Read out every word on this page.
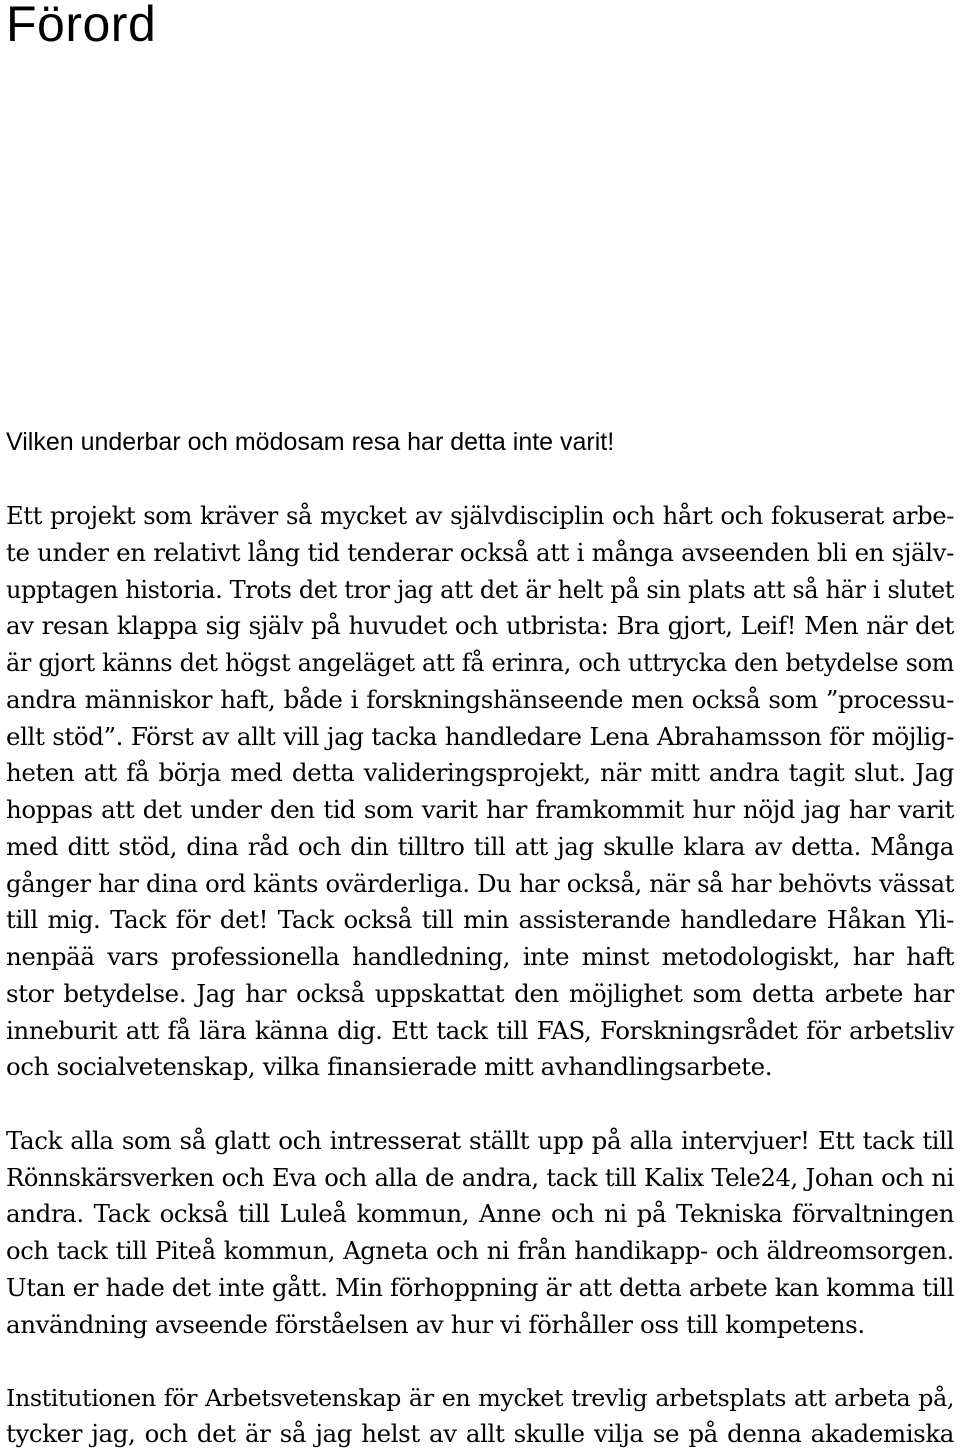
Förord

Vilken underbar och mödosam resa har detta inte varit!

Ett projekt som kräver så mycket av självdisciplin och hårt och fokuserat arbe-

te under en relativt lång tid tenderar också att i många avseenden bli en själv-

upptagen historia. Trots det tror jag att det är helt på sin plats att så här i slutet

av resan klappa sig själv på huvudet och utbrista: Bra gjort, Leif! Men när det

är gjort känns det högst angeläget att få erinra, och uttrycka den betydelse som

andra människor haft, både i forskningshänseende men också som ”processu-

ellt stöd”. Först av allt vill jag tacka handledare Lena Abrahamsson för möjlig-

heten att få börja med detta valideringsprojekt, när mitt andra tagit slut. Jag

hoppas att det under den tid som varit har framkommit hur nöjd jag har varit

med ditt stöd, dina råd och din tilltro till att jag skulle klara av detta. Många

gånger har dina ord känts ovärderliga. Du har också, när så har behövts vässat

till mig. Tack för det! Tack också till min assisterande handledare Håkan Yli-

nenpää vars professionella handledning, inte minst metodologiskt, har haft

stor betydelse. Jag har också uppskattat den möjlighet som detta arbete har

inneburit att få lära känna dig. Ett tack till FAS, Forskningsrådet för arbetsliv

och socialvetenskap, vilka finansierade mitt avhandlingsarbete.

Tack alla som så glatt och intresserat ställt upp på alla intervjuer! Ett tack till

Rönnskärsverken och Eva och alla de andra, tack till Kalix Tele24, Johan och ni

andra. Tack också till Luleå kommun, Anne och ni på Tekniska förvaltningen

och tack till Piteå kommun, Agneta och ni från handikapp- och äldreomsorgen.

Utan er hade det inte gått. Min förhoppning är att detta arbete kan komma till

användning avseende förståelsen av hur vi förhåller oss till kompetens.

Institutionen för Arbetsvetenskap är en mycket trevlig arbetsplats att arbeta på,

tycker jag, och det är så jag helst av allt skulle vilja se på denna akademiska
